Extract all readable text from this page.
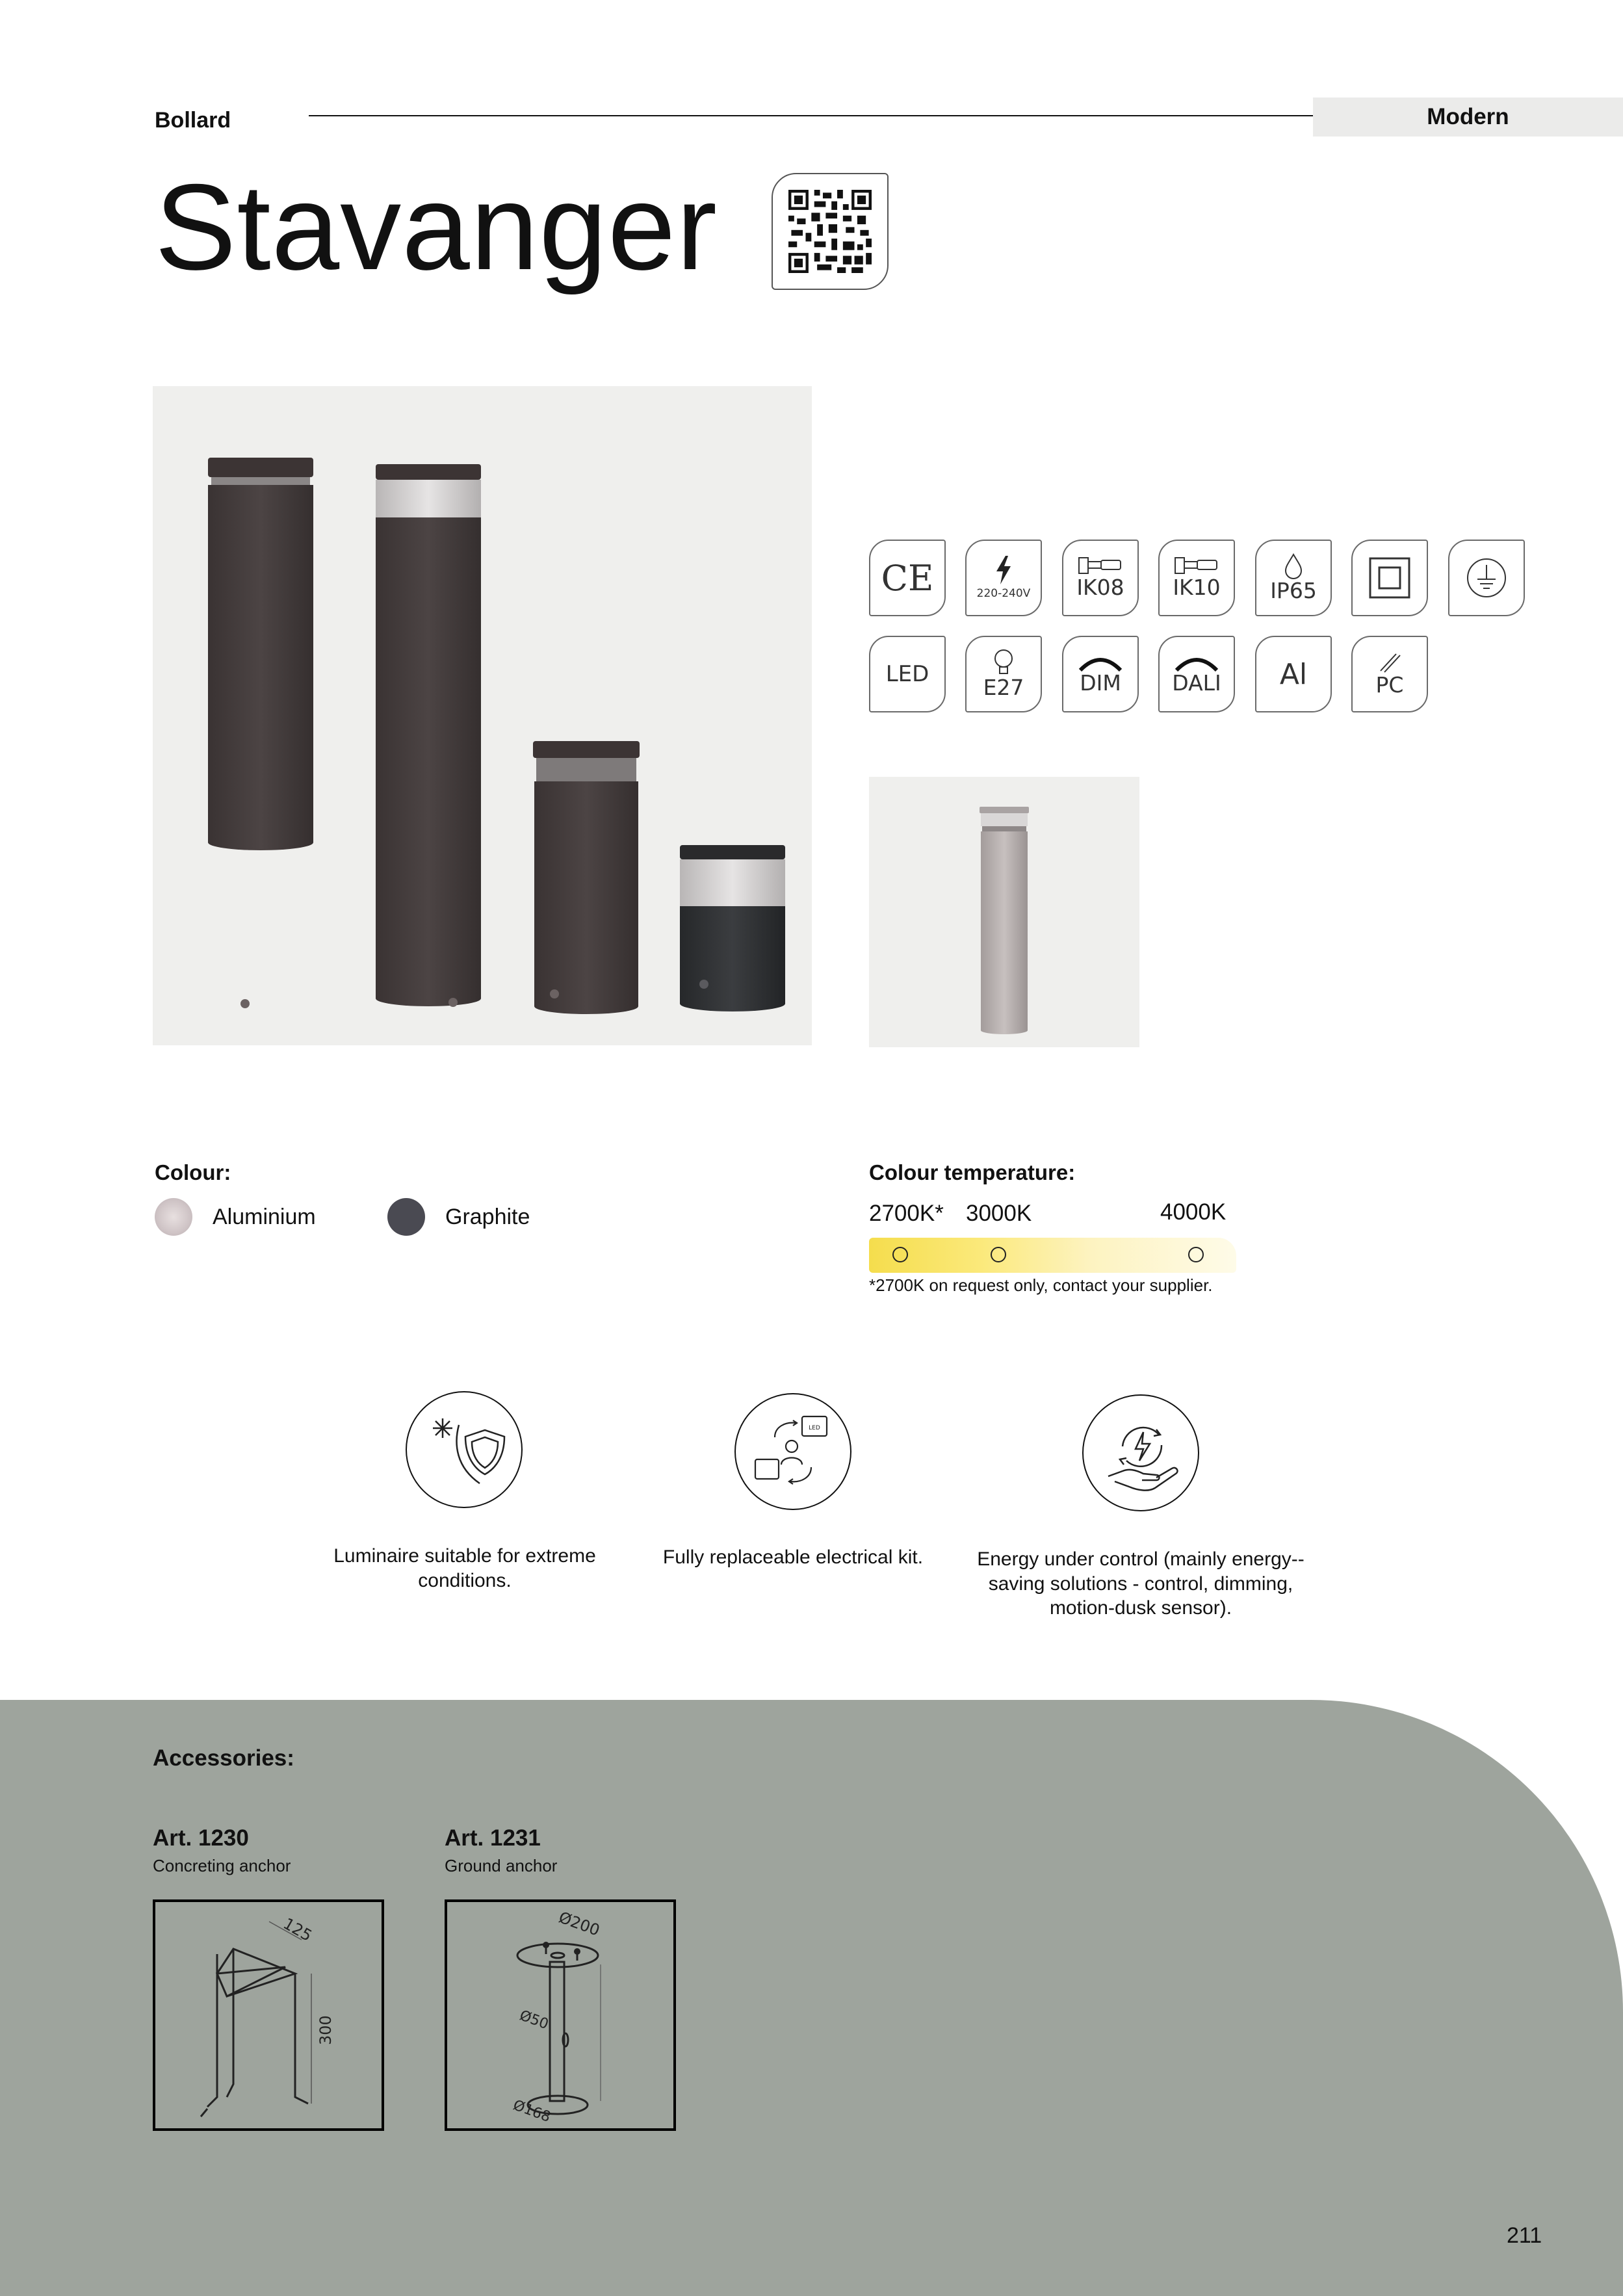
Bollard	Modern
Stavanger
CE	220-240V IK08 IK10 IP65
LED	E27	DIM DALI Al	PC
Colour:
Aluminium	Graphite
Colour temperature:
2700K* 3000K	4000K
*2700K on request only, contact your supplier.
Luminaire suitable for extreme conditions.
LED
Fully replaceable electrical kit.	Energy under control (mainly energy--saving solutions - control, dimming, motion-dusk sensor).
Accessories:
Art. 1230
Concreting anchor
125
300
Art. 1231
Ground anchor
Ø200
Ø50
Ø168
211
